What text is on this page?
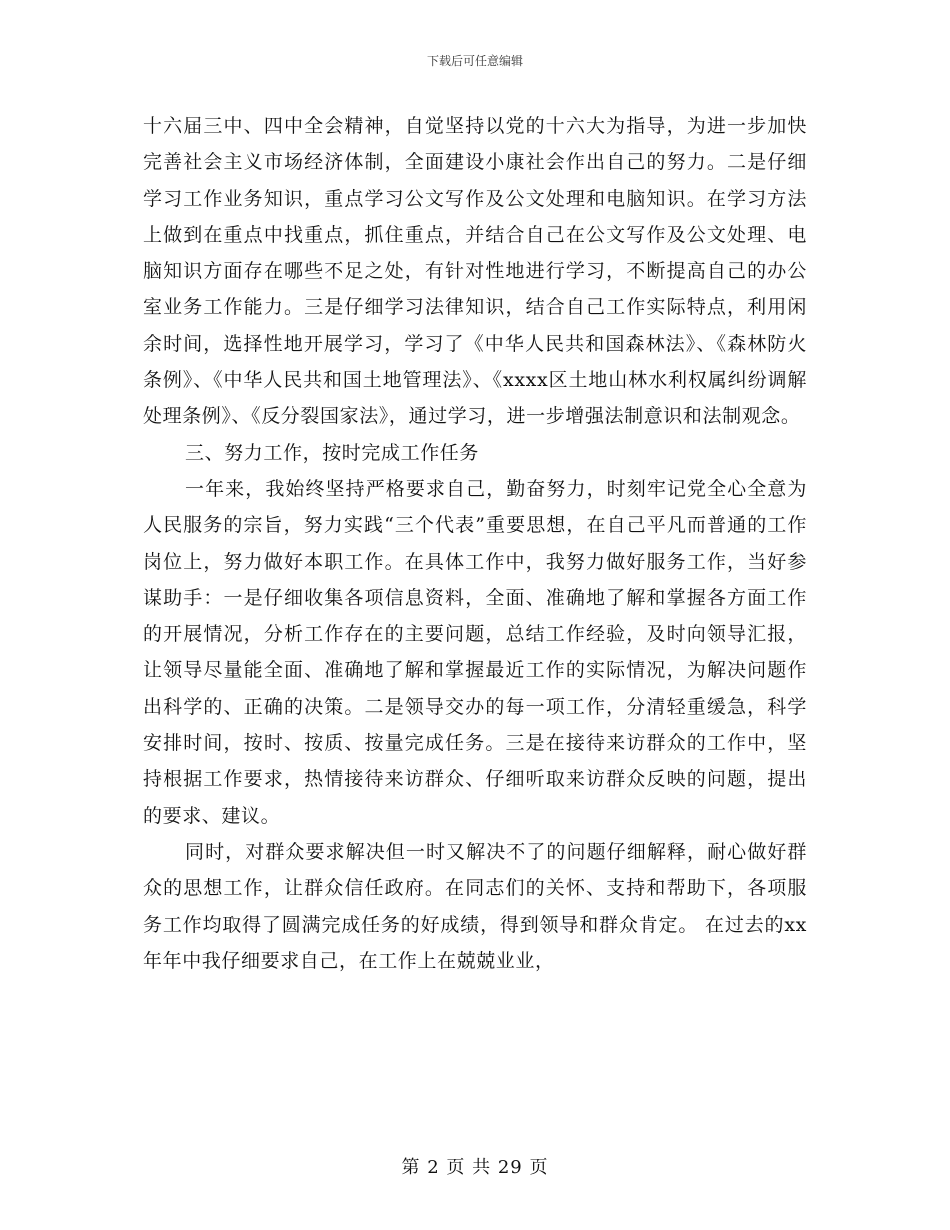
下载后可任意编辑

十六届三中、四中全会精神，自觉坚持以党的十六大为指导，为进一步加快完善社会主义市场经济体制，全面建设小康社会作出自己的努力。二是仔细学习工作业务知识，重点学习公文写作及公文处理和电脑知识。在学习方法上做到在重点中找重点，抓住重点，并结合自己在公文写作及公文处理、电脑知识方面存在哪些不足之处，有针对性地进行学习，不断提高自己的办公室业务工作能力。三是仔细学习法律知识，结合自己工作实际特点，利用闲余时间，选择性地开展学习，学习了《中华人民共和国森林法》、《森林防火条例》、《中华人民共和国土地管理法》、《xxxx区土地山林水利权属纠纷调解处理条例》、《反分裂国家法》，通过学习，进一步增强法制意识和法制观念。

三、努力工作，按时完成工作任务

一年来，我始终坚持严格要求自己，勤奋努力，时刻牢记党全心全意为人民服务的宗旨，努力实践“三个代表”重要思想，在自己平凡而普通的工作岗位上，努力做好本职工作。在具体工作中，我努力做好服务工作，当好参谋助手：一是仔细收集各项信息资料，全面、准确地了解和掌握各方面工作的开展情况，分析工作存在的主要问题，总结工作经验，及时向领导汇报，让领导尽量能全面、准确地了解和掌握最近工作的实际情况，为解决问题作出科学的、正确的决策。二是领导交办的每一项工作，分清轻重缓急，科学安排时间，按时、按质、按量完成任务。三是在接待来访群众的工作中，坚持根据工作要求，热情接待来访群众、仔细听取来访群众反映的问题，提出的要求、建议。

同时，对群众要求解决但一时又解决不了的问题仔细解释，耐心做好群众的思想工作，让群众信任政府。在同志们的关怀、支持和帮助下，各项服务工作均取得了圆满完成任务的好成绩，得到领导和群众肯定。 在过去的xx年年中我仔细要求自己，在工作上在兢兢业业，

第 2 页 共 29 页
